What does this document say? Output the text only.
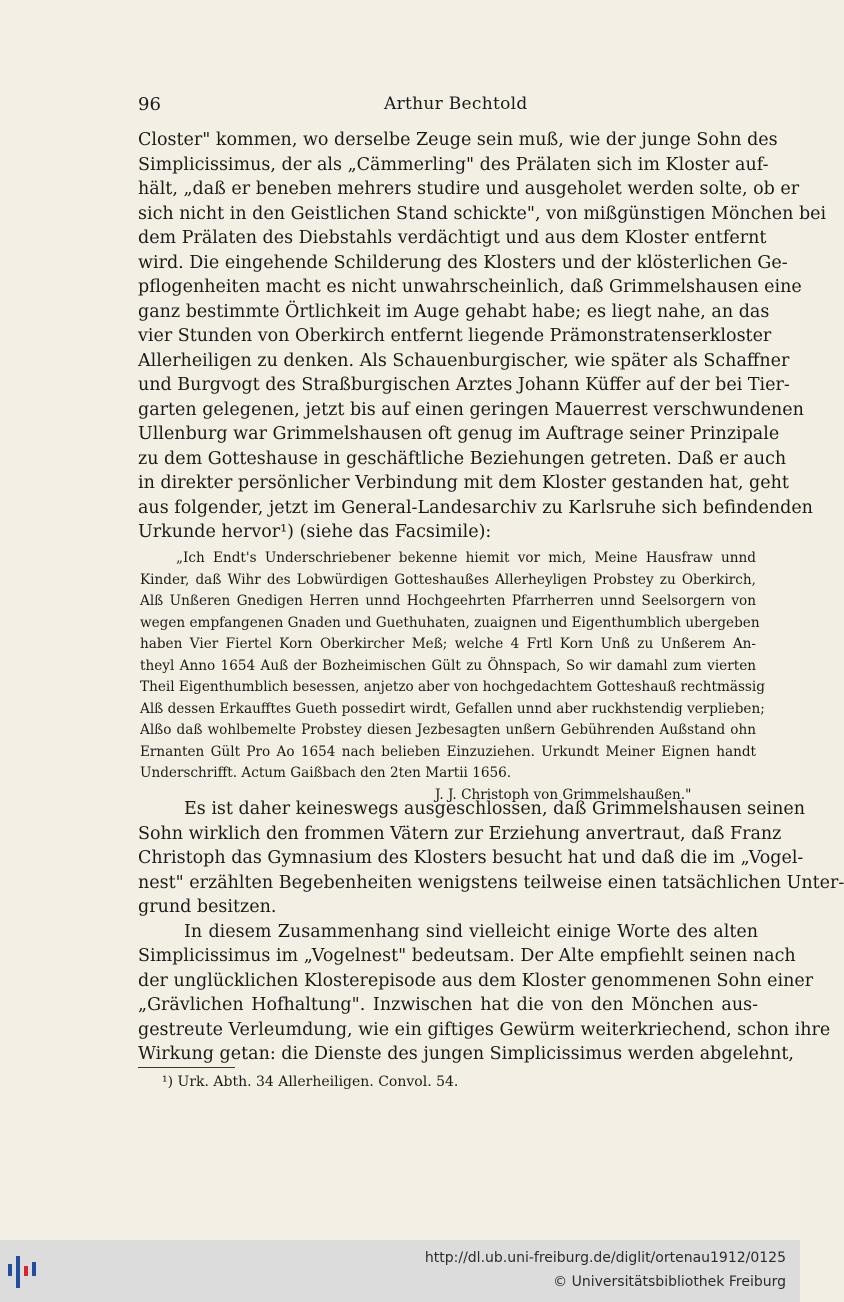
96	Arthur Bechtold
Closter" kommen, wo derselbe Zeuge sein muß, wie der junge Sohn des
Simplicissimus, der als „Cämmerling" des Prälaten sich im Kloster auf-
hält, „daß er beneben mehrers studire und ausgeholet werden solte, ob er
sich nicht in den Geistlichen Stand schickte", von mißgünstigen Mönchen bei
dem Prälaten des Diebstahls verdächtigt und aus dem Kloster entfernt
wird. Die eingehende Schilderung des Klosters und der klösterlichen Ge-
pflogenheiten macht es nicht unwahrscheinlich, daß Grimmelshausen eine
ganz bestimmte Örtlichkeit im Auge gehabt habe; es liegt nahe, an das
vier Stunden von Oberkirch entfernt liegende Prämonstratenserkloster
Allerheiligen zu denken. Als Schauenburgischer, wie später als Schaffner
und Burgvogt des Straßburgischen Arztes Johann Küffer auf der bei Tier-
garten gelegenen, jetzt bis auf einen geringen Mauerrest verschwundenen
Ullenburg war Grimmelshausen oft genug im Auftrage seiner Prinzipale
zu dem Gotteshause in geschäftliche Beziehungen getreten. Daß er auch
in direkter persönlicher Verbindung mit dem Kloster gestanden hat, geht
aus folgender, jetzt im General-Landesarchiv zu Karlsruhe sich befindenden
Urkunde hervor¹) (siehe das Facsimile):
„Ich Endt's Underschriebener bekenne hiemit vor mich, Meine Hausfraw unnd
Kinder, daß Wihr des Lobwürdigen Gotteshaußes Allerheyligen Probstey zu Oberkirch,
Alß Unßeren Gnedigen Herren unnd Hochgeehrten Pfarrherren unnd Seelsorgern von
wegen empfangenen Gnaden und Guethuhaten, zuaignen und Eigenthumblich ubergeben
haben Vier Fiertel Korn Oberkircher Meß; welche 4 Frtl Korn Unß zu Unßerem An-
theyl Anno 1654 Auß der Bozheimischen Gült zu Öhnspach, So wir damahl zum vierten
Theil Eigenthumblich besessen, anjetzo aber von hochgedachtem Gotteshauß rechtmässig
Alß dessen Erkaufftes Gueth possedirt wirdt, Gefallen unnd aber ruckhstendig verplieben;
Alßo daß wohlbemelte Probstey diesen Jezbesagten unßern Gebührenden Außstand ohn
Ernanten Gült Pro Ao 1654 nach belieben Einzuziehen. Urkundt Meiner Eignen handt
Underschrifft. Actum Gaißbach den 2ten Martii 1656.
J. J. Christoph von Grimmelshaußen."
Es ist daher keineswegs ausgeschlossen, daß Grimmelshausen seinen
Sohn wirklich den frommen Vätern zur Erziehung anvertraut, daß Franz
Christoph das Gymnasium des Klosters besucht hat und daß die im „Vogel-
nest" erzählten Begebenheiten wenigstens teilweise einen tatsächlichen Unter-
grund besitzen.
In diesem Zusammenhang sind vielleicht einige Worte des alten
Simplicissimus im „Vogelnest" bedeutsam. Der Alte empfiehlt seinen nach
der unglücklichen Klosterepisode aus dem Kloster genommenen Sohn einer
„Grävlichen Hofhaltung". Inzwischen hat die von den Mönchen aus-
gestreute Verleumdung, wie ein giftiges Gewürm weiterkriechend, schon ihre
Wirkung getan: die Dienste des jungen Simplicissimus werden abgelehnt,
¹) Urk. Abth. 34 Allerheiligen. Convol. 54.
http://dl.ub.uni-freiburg.de/diglit/ortenau1912/0125
© Universitätsbibliothek Freiburg
